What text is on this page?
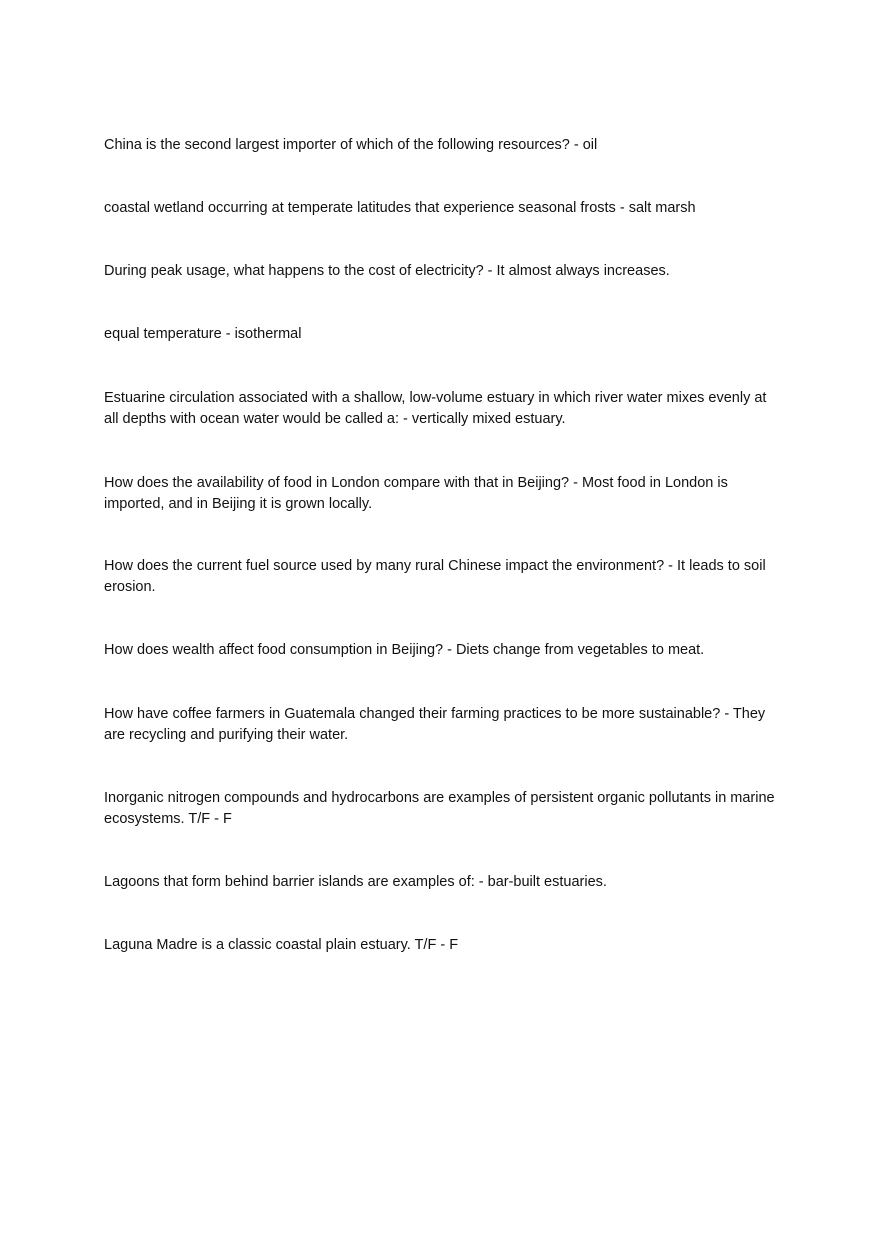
China is the second largest importer of which of the following resources? - oil

coastal wetland occurring at temperate latitudes that experience seasonal frosts - salt marsh

During peak usage, what happens to the cost of electricity? - It almost always increases.

equal temperature - isothermal

Estuarine circulation associated with a shallow, low-volume estuary in which river water mixes evenly at all depths with ocean water would be called a: - vertically mixed estuary.

How does the availability of food in London compare with that in Beijing? - Most food in London is imported, and in Beijing it is grown locally.

How does the current fuel source used by many rural Chinese impact the environment? - It leads to soil erosion.

How does wealth affect food consumption in Beijing? - Diets change from vegetables to meat.

How have coffee farmers in Guatemala changed their farming practices to be more sustainable? - They are recycling and purifying their water.

Inorganic nitrogen compounds and hydrocarbons are examples of persistent organic pollutants in marine ecosystems. T/F - F

Lagoons that form behind barrier islands are examples of: - bar-built estuaries.

Laguna Madre is a classic coastal plain estuary. T/F - F
